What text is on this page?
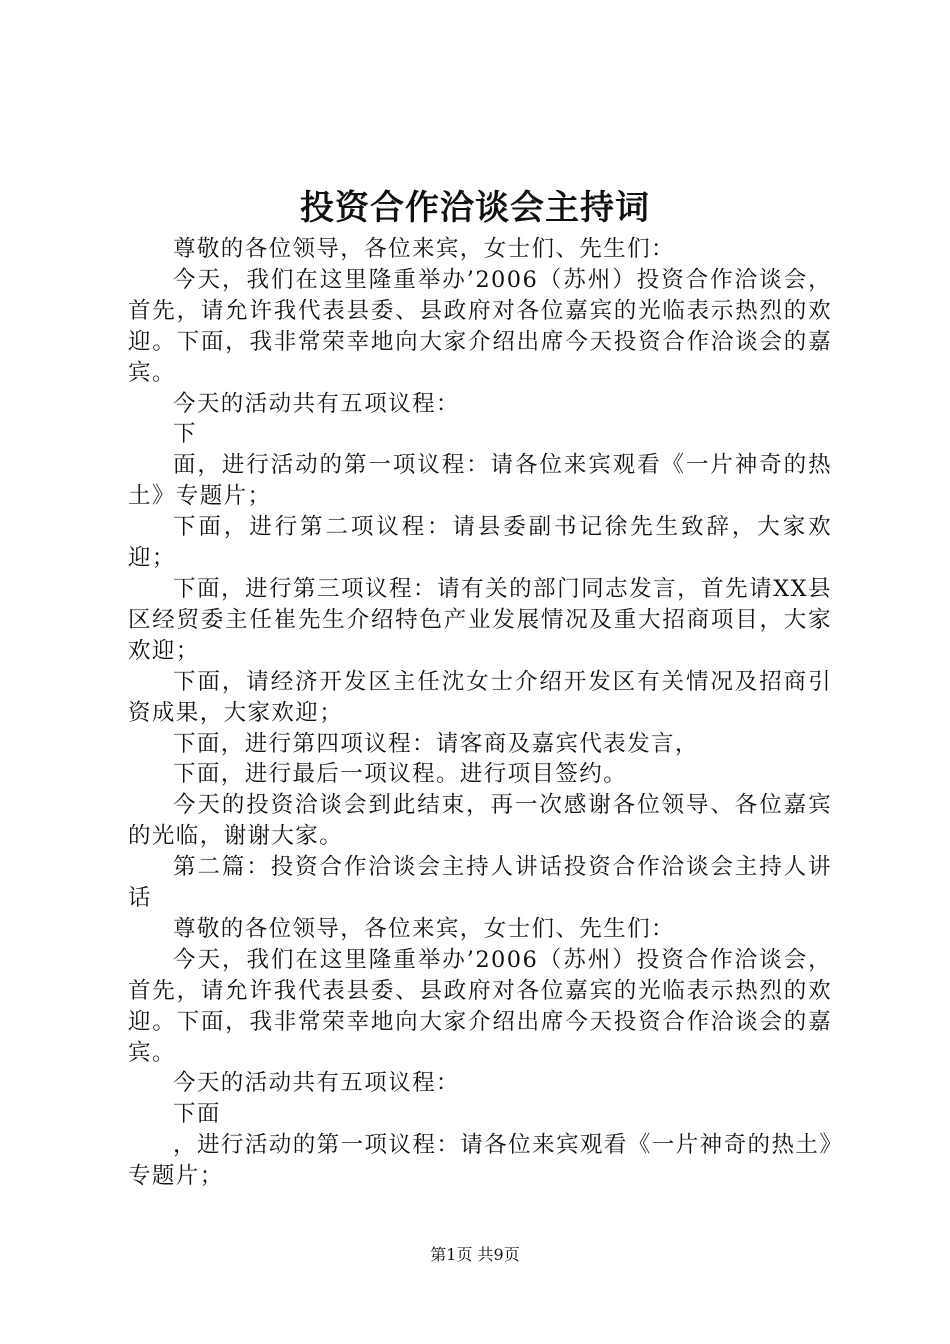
投资合作洽谈会主持词

尊敬的各位领导，各位来宾，女士们、先生们：

今天，我们在这里隆重举办’2006（苏州）投资合作洽谈会，首先，请允许我代表县委、县政府对各位嘉宾的光临表示热烈的欢迎。下面，我非常荣幸地向大家介绍出席今天投资合作洽谈会的嘉宾。

今天的活动共有五项议程：

下

面，进行活动的第一项议程：请各位来宾观看《一片神奇的热土》专题片；

下面，进行第二项议程：请县委副书记徐先生致辞，大家欢迎；

下面，进行第三项议程：请有关的部门同志发言，首先请XX县区经贸委主任崔先生介绍特色产业发展情况及重大招商项目，大家欢迎；

下面，请经济开发区主任沈女士介绍开发区有关情况及招商引资成果，大家欢迎；

下面，进行第四项议程：请客商及嘉宾代表发言，

下面，进行最后一项议程。进行项目签约。

今天的投资洽谈会到此结束，再一次感谢各位领导、各位嘉宾的光临，谢谢大家。

第二篇：投资合作洽谈会主持人讲话投资合作洽谈会主持人讲话

尊敬的各位领导，各位来宾，女士们、先生们：

今天，我们在这里隆重举办’2006（苏州）投资合作洽谈会，首先，请允许我代表县委、县政府对各位嘉宾的光临表示热烈的欢迎。下面，我非常荣幸地向大家介绍出席今天投资合作洽谈会的嘉宾。

今天的活动共有五项议程：

下面

，进行活动的第一项议程：请各位来宾观看《一片神奇的热土》专题片；

第1页 共9页
